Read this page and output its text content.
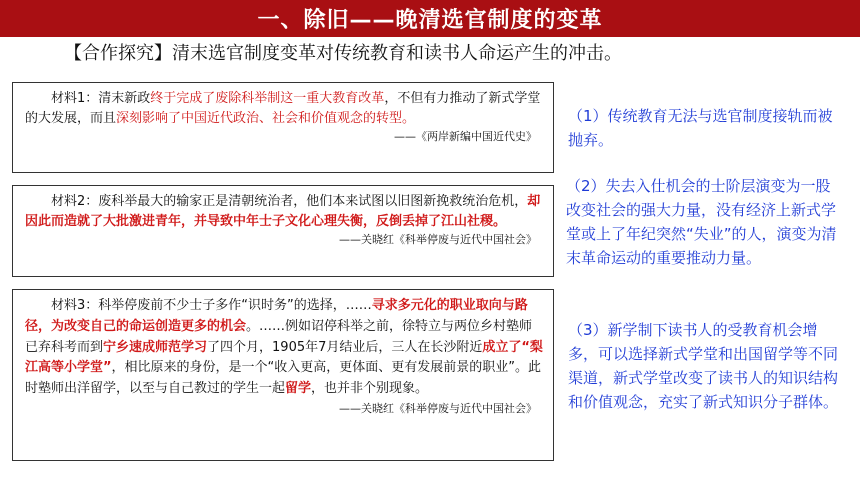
一、除旧——晚清选官制度的变革
【合作探究】清末选官制度变革对传统教育和读书人命运产生的冲击。

材料1：清末新政终于完成了废除科举制这一重大教育改革，不但有力推动了新式学堂的大发展，而且深刻影响了中国近代政治、社会和价值观念的转型。

——《两岸新编中国近代史》

材料2：废科举最大的输家正是清朝统治者，他们本来试图以旧图新挽救统治危机，却因此而造就了大批激进青年，并导致中年士子文化心理失衡，反倒丢掉了江山社稷。

——关晓红《科举停废与近代中国社会》

材料3：科举停废前不少士子多作“识时务”的选择，……寻求多元化的职业取向与路径，为改变自己的命运创造更多的机会。……例如诏停科举之前，徐特立与两位乡村塾师已弃科考而到宁乡速成师范学习了四个月，1905年7月结业后，三人在长沙附近成立了“梨江高等小学堂”，相比原来的身份，是一个“收入更高，更体面、更有发展前景的职业”。此时塾师出洋留学，以至与自己教过的学生一起留学，也并非个别现象。

——关晓红《科举停废与近代中国社会》

（1）传统教育无法与选官制度接轨而被抛弃。
（2）失去入仕机会的士阶层演变为一股改变社会的强大力量，没有经济上新式学堂或上了年纪突然“失业”的人，演变为清末革命运动的重要推动力量。
（3）新学制下读书人的受教育机会增多，可以选择新式学堂和出国留学等不同渠道，新式学堂改变了读书人的知识结构和价值观念，充实了新式知识分子群体。
